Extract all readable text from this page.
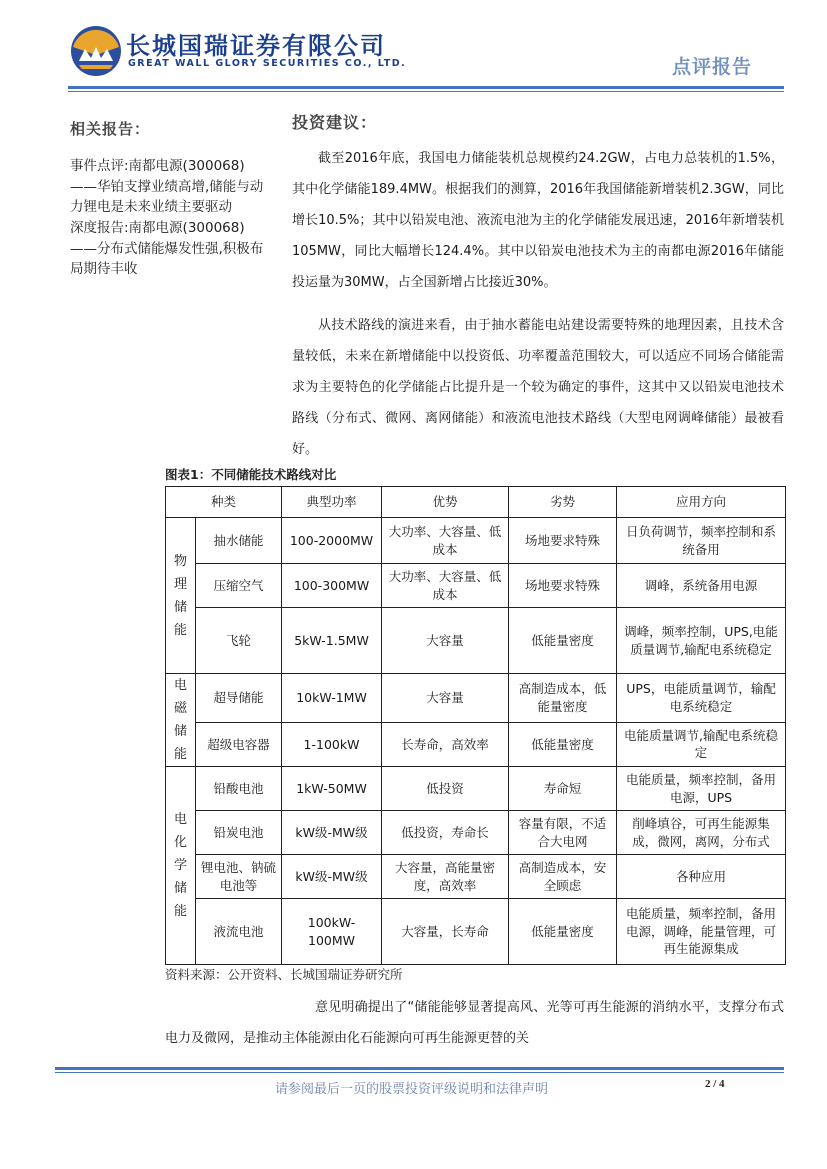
长城国瑞证券有限公司
GREAT WALL GLORY SECURITIES CO., LTD.	点评报告
相关报告：
事件点评:南都电源(300068)——华铂支撑业绩高增,储能与动力锂电是未来业绩主要驱动
深度报告:南都电源(300068)——分布式储能爆发性强,积极布局期待丰收
投资建议：
截至2016年底，我国电力储能装机总规模约24.2GW，占电力总装机的1.5%，其中化学储能189.4MW。根据我们的测算，2016年我国储能新增装机2.3GW，同比增长10.5%；其中以铅炭电池、液流电池为主的化学储能发展迅速，2016年新增装机105MW，同比大幅增长124.4%。其中以铅炭电池技术为主的南都电源2016年储能投运量为30MW，占全国新增占比接近30%。
从技术路线的演进来看，由于抽水蓄能电站建设需要特殊的地理因素，且技术含量较低，未来在新增储能中以投资低、功率覆盖范围较大，可以适应不同场合储能需求为主要特色的化学储能占比提升是一个较为确定的事件，这其中又以铅炭电池技术路线（分布式、微网、离网储能）和液流电池技术路线（大型电网调峰储能）最被看好。
图表1：不同储能技术路线对比
种类		典型功率	优势	劣势	应用方向

物理储能	抽水储能	100-2000MW	大功率、大容量、低成本	场地要求特殊	日负荷调节，频率控制和系统备用
	压缩空气	100-300MW	大功率、大容量、低成本	场地要求特殊	调峰，系统备用电源
	飞轮	5kW-1.5MW	大容量	低能量密度	调峰，频率控制，UPS,电能质量调节,输配电系统稳定

电磁储能	超导储能	10kW-1MW	大容量	高制造成本，低能量密度	UPS，电能质量调节，输配电系统稳定
	超级电容器	1-100kW	长寿命，高效率	低能量密度	电能质量调节,输配电系统稳定

电化学储能	铅酸电池	1kW-50MW	低投资	寿命短	电能质量，频率控制，备用电源，UPS
	铅炭电池	kW级-MW级	低投资，寿命长	容量有限，不适合大电网	削峰填谷，可再生能源集成，微网，离网，分布式
	锂电池、钠硫电池等	kW级-MW级	大容量，高能量密度，高效率	高制造成本，安全顾虑	各种应用
	液流电池	100kW-100MW	大容量，长寿命	低能量密度	电能质量，频率控制，备用电源，调峰，能量管理，可再生能源集成
资料来源：公开资料、长城国瑞证券研究所
意见明确提出了“储能能够显著提高风、光等可再生能源的消纳水平，支撑分布式电力及微网，是推动主体能源由化石能源向可再生能源更替的关
请参阅最后一页的股票投资评级说明和法律声明	2 / 4
